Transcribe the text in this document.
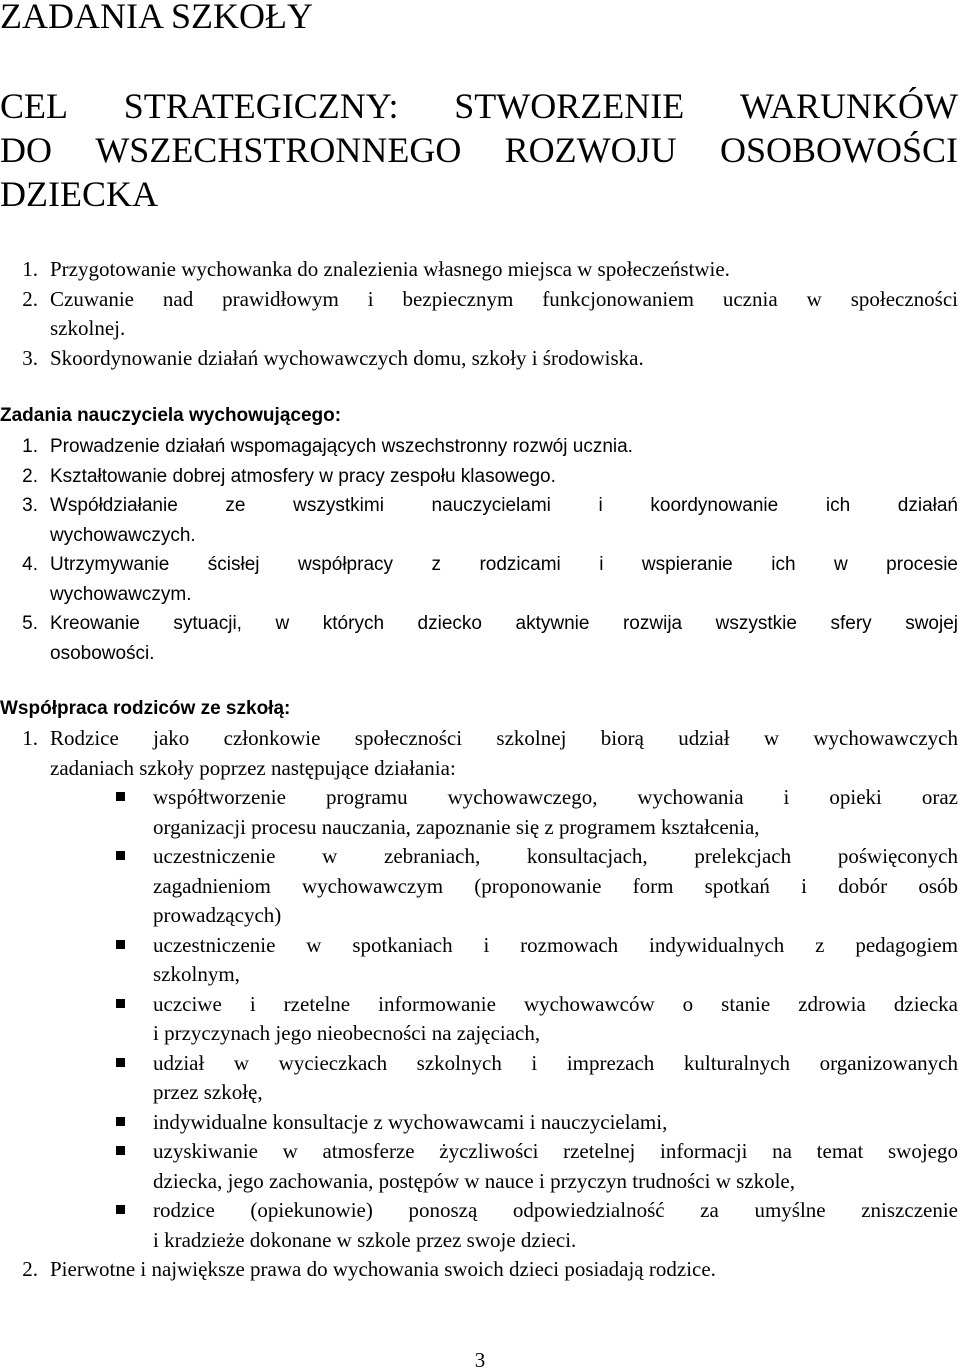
ZADANIA SZKOŁY
CEL STRATEGICZNY: STWORZENIE WARUNKÓW
DO WSZECHSTRONNEGO ROZWOJU OSOBOWOŚCI
DZIECKA
1. Przygotowanie wychowanka do znalezienia własnego miejsca w społeczeństwie.
2. Czuwanie nad prawidłowym i bezpiecznym funkcjonowaniem ucznia w społeczności
szkolnej.
3. Skoordynowanie działań wychowawczych domu, szkoły i środowiska.
Zadania nauczyciela wychowującego:
1. Prowadzenie działań wspomagających wszechstronny rozwój ucznia.
2. Kształtowanie dobrej atmosfery w pracy zespołu klasowego.
3. Współdziałanie ze wszystkimi nauczycielami i koordynowanie ich działań
wychowawczych.
4. Utrzymywanie ścisłej współpracy z rodzicami i wspieranie ich w procesie
wychowawczym.
5. Kreowanie sytuacji, w których dziecko aktywnie rozwija wszystkie sfery swojej
osobowości.
Współpraca rodziców ze szkołą:
1. Rodzice jako członkowie społeczności szkolnej biorą udział w wychowawczych
zadaniach szkoły poprzez następujące działania:
współtworzenie programu wychowawczego, wychowania i opieki oraz
organizacji procesu nauczania, zapoznanie się z programem kształcenia,
uczestniczenie w zebraniach, konsultacjach, prelekcjach poświęconych
zagadnieniom wychowawczym (proponowanie form spotkań i dobór osób
prowadzących)
uczestniczenie w spotkaniach i rozmowach indywidualnych z pedagogiem
szkolnym,
uczciwe i rzetelne informowanie wychowawców o stanie zdrowia dziecka
i przyczynach jego nieobecności na zajęciach,
udział w wycieczkach szkolnych i imprezach kulturalnych organizowanych
przez szkołę,
indywidualne konsultacje z wychowawcami i nauczycielami,
uzyskiwanie w atmosferze życzliwości rzetelnej informacji na temat swojego
dziecka, jego zachowania, postępów w nauce i przyczyn trudności w szkole,
rodzice (opiekunowie) ponoszą odpowiedzialność za umyślne zniszczenie
i kradzieże dokonane w szkole przez swoje dzieci.
2. Pierwotne i największe prawa do wychowania swoich dzieci posiadają rodzice.
3
